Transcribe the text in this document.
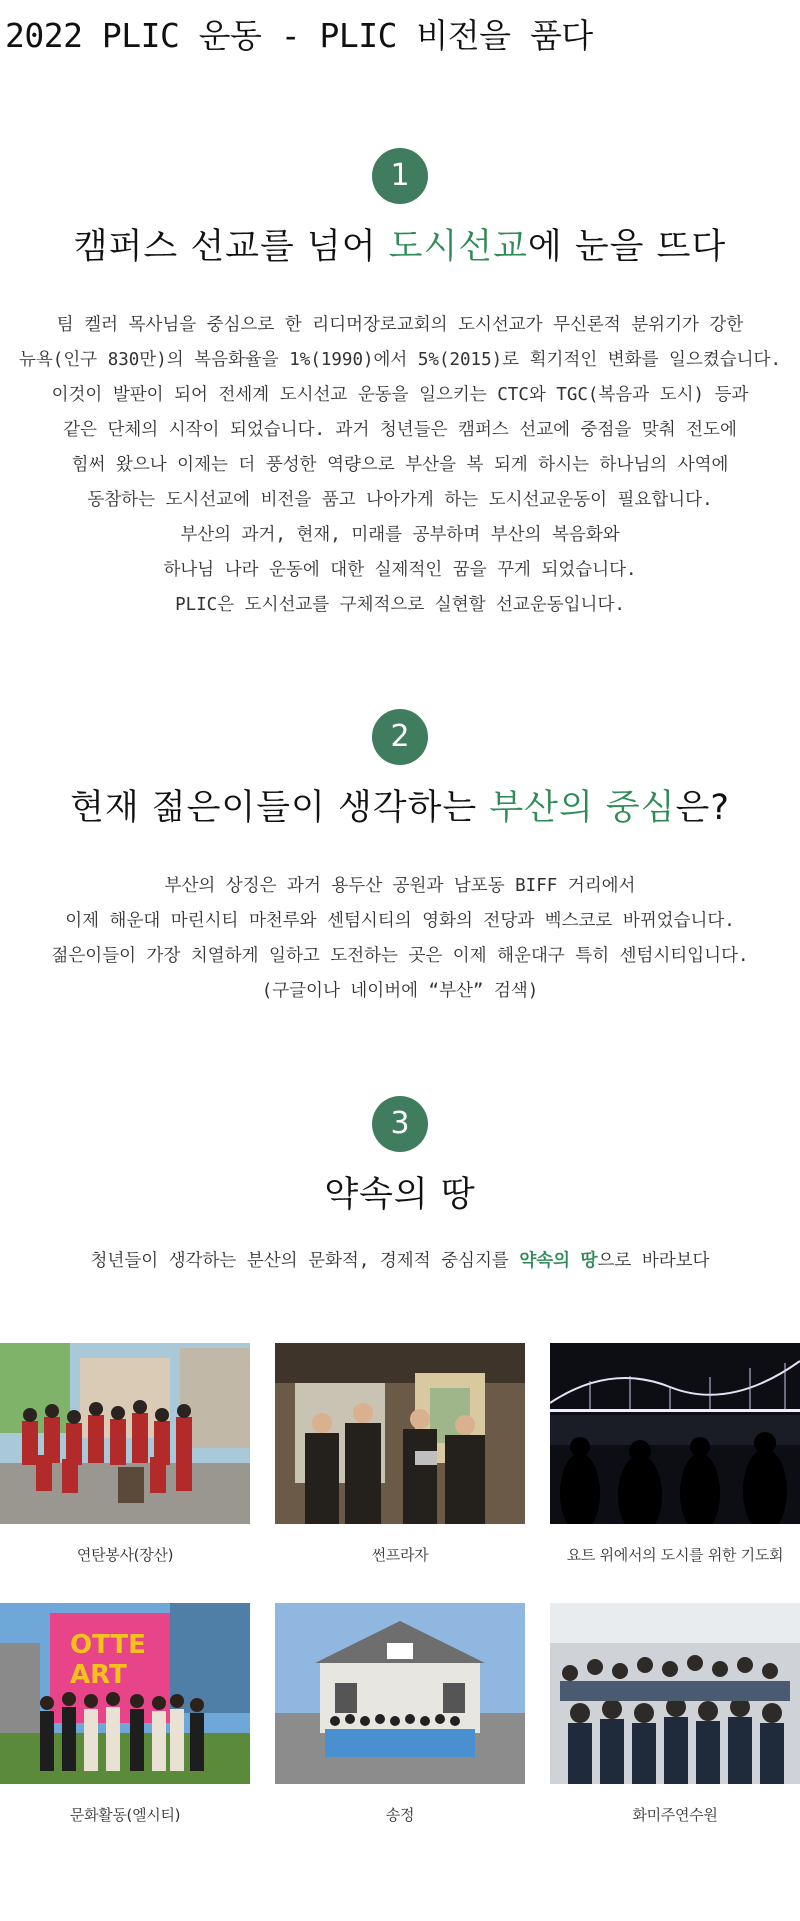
2022 PLIC 운동 - PLIC 비전을 품다
1
캠퍼스 선교를 넘어 도시선교에 눈을 뜨다

팀 켈러 목사님을 중심으로 한 리디머장로교회의 도시선교가 무신론적 분위기가 강한

뉴욕(인구 830만)의 복음화율을 1%(1990)에서 5%(2015)로 획기적인 변화를 일으켰습니다.

이것이 발판이 되어 전세계 도시선교 운동을 일으키는 CTC와 TGC(복음과 도시) 등과

같은 단체의 시작이 되었습니다. 과거 청년들은 캠퍼스 선교에 중점을 맞춰 전도에

힘써 왔으나 이제는 더 풍성한 역량으로 부산을 복 되게 하시는 하나님의 사역에

동참하는 도시선교에 비전을 품고 나아가게 하는 도시선교운동이 필요합니다.

부산의 과거, 현재, 미래를 공부하며 부산의 복음화와

하나님 나라 운동에 대한 실제적인 꿈을 꾸게 되었습니다.

PLIC은 도시선교를 구체적으로 실현할 선교운동입니다.

2
현재 젊은이들이 생각하는 부산의 중심은?

부산의 상징은 과거 용두산 공원과 남포동 BIFF 거리에서

이제 해운대 마린시티 마천루와 센텀시티의 영화의 전당과 벡스코로 바뀌었습니다.

젊은이들이 가장 치열하게 일하고 도전하는 곳은 이제 해운대구 특히 센텀시티입니다.

(구글이나 네이버에 “부산” 검색)

3
약속의 땅
청년들이 생각하는 분산의 문화적, 경제적 중심지를 약속의 땅으로 바라보다
연탄봉사(장산)	썬프라자	요트 위에서의 도시를 위한 기도회
OTTE
ART
문화활동(엘시티)	송정	화미주연수원
